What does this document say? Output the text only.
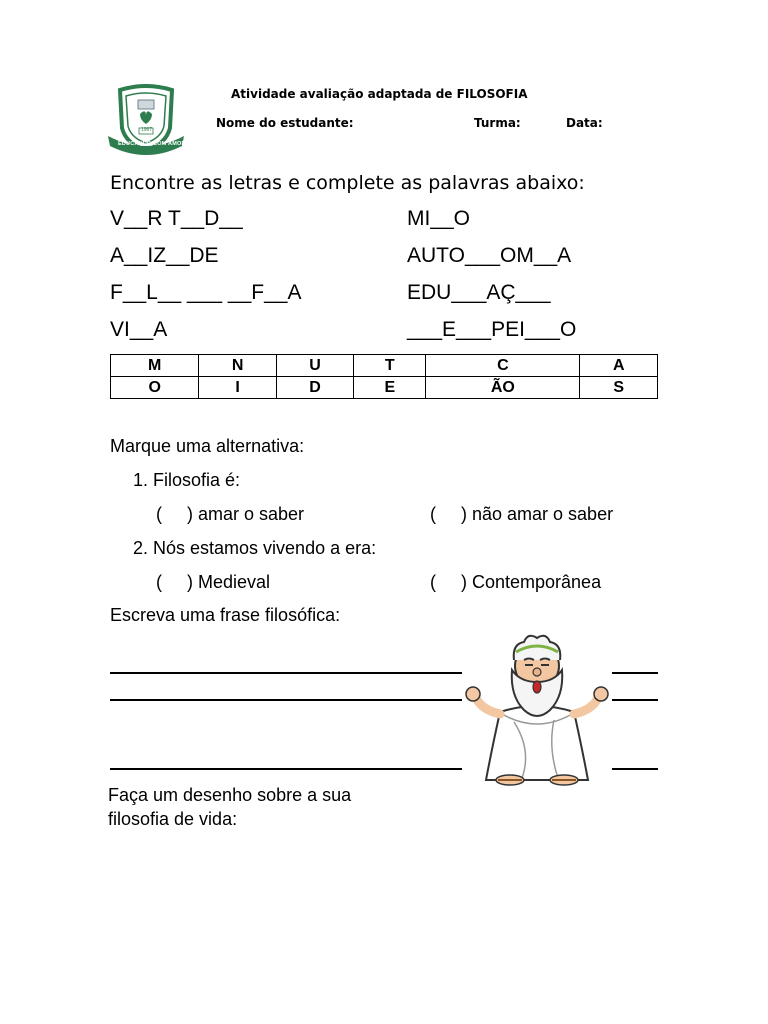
1967
EDUCANDO COM AMOR
Atividade avaliação adaptada de FILOSOFIA
Nome do estudante:	Turma:	Data:
Encontre as letras e complete as palavras abaixo:
V__R T__D__
A__IZ__DE
F__L__ ___ __F__A
VI__A
MI__O
AUTO___OM__A
EDU___AÇ___
___E___PEI___O
M	N	U	T	C	A
O	I	D	E	ÃO	S
Marque uma alternativa:
1. Filosofia é:
(     ) amar o saber	(     ) não amar o saber
2. Nós estamos vivendo a era:
(     ) Medieval	(     ) Contemporânea
Escreva uma frase filosófica:
Faça um desenho sobre a sua
filosofia de vida:
